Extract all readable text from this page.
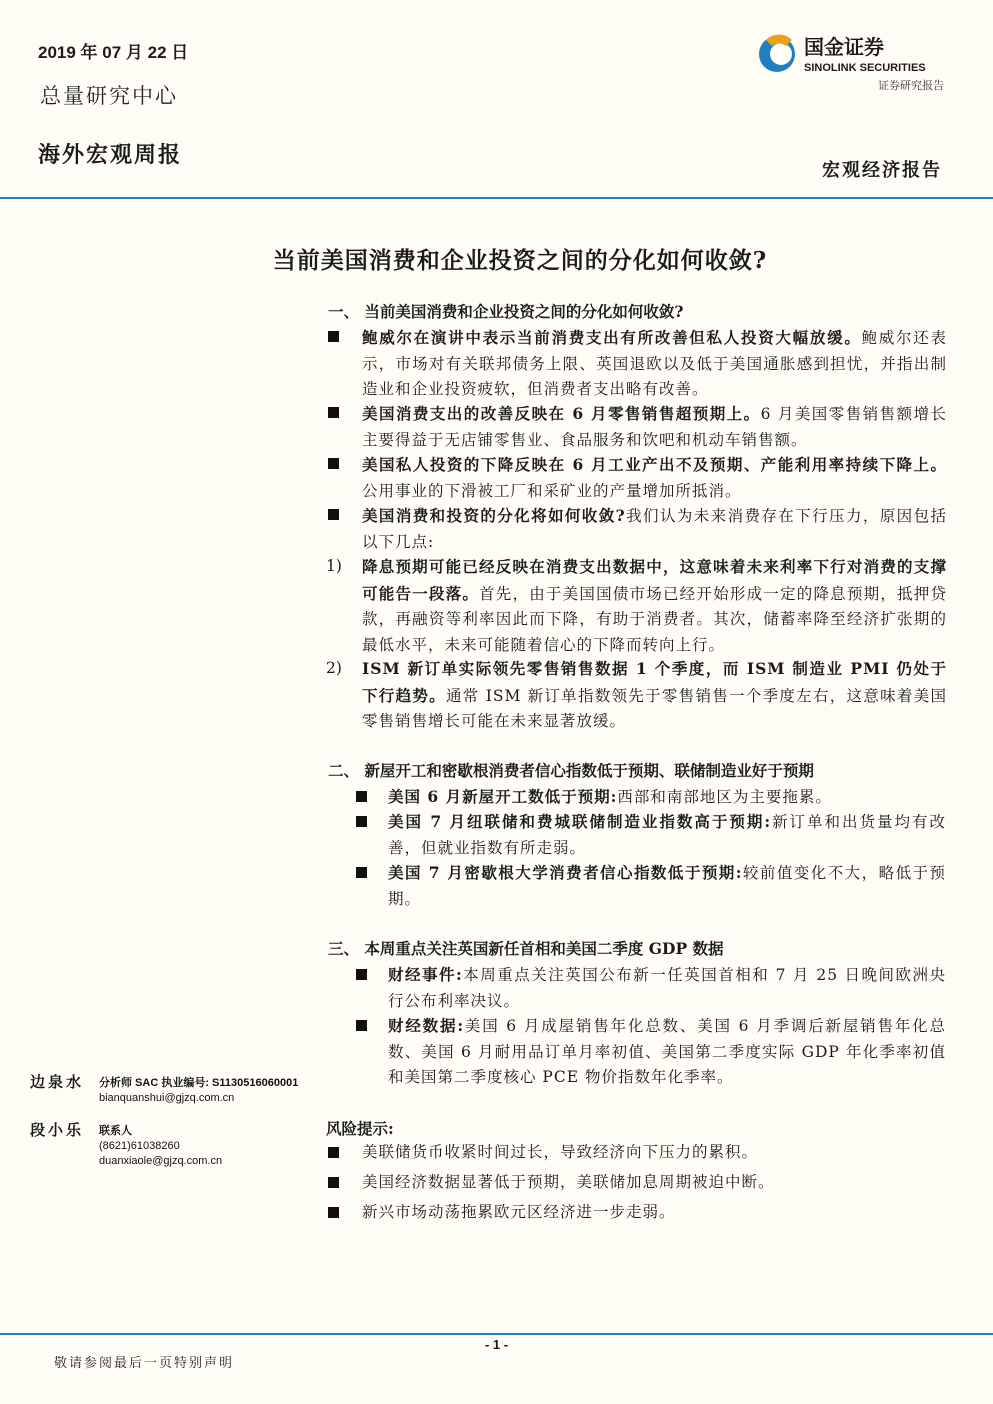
2019 年 07 月 22 日
总量研究中心
海外宏观周报
国金证券
SINOLINK SECURITIES
证券研究报告
宏观经济报告
当前美国消费和企业投资之间的分化如何收敛?
一、 当前美国消费和企业投资之间的分化如何收敛?
鲍威尔在演讲中表示当前消费支出有所改善但私人投资大幅放缓。鲍威尔还表示，市场对有关联邦债务上限、英国退欧以及低于美国通胀感到担忧，并指出制造业和企业投资疲软，但消费者支出略有改善。
美国消费支出的改善反映在 6 月零售销售超预期上。6 月美国零售销售额增长主要得益于无店铺零售业、食品服务和饮吧和机动车销售额。
美国私人投资的下降反映在 6 月工业产出不及预期、产能利用率持续下降上。公用事业的下滑被工厂和采矿业的产量增加所抵消。
美国消费和投资的分化将如何收敛?我们认为未来消费存在下行压力，原因包括以下几点:
1) 降息预期可能已经反映在消费支出数据中，这意味着未来利率下行对消费的支撑可能告一段落。首先，由于美国国债市场已经开始形成一定的降息预期，抵押贷款，再融资等利率因此而下降，有助于消费者。其次，储蓄率降至经济扩张期的最低水平，未来可能随着信心的下降而转向上行。
2) ISM 新订单实际领先零售销售数据 1 个季度，而 ISM 制造业 PMI 仍处于下行趋势。通常 ISM 新订单指数领先于零售销售一个季度左右，这意味着美国零售销售增长可能在未来显著放缓。
二、 新屋开工和密歇根消费者信心指数低于预期、联储制造业好于预期
美国 6 月新屋开工数低于预期:西部和南部地区为主要拖累。
美国 7 月纽联储和费城联储制造业指数高于预期:新订单和出货量均有改善，但就业指数有所走弱。
美国 7 月密歇根大学消费者信心指数低于预期:较前值变化不大，略低于预期。
三、 本周重点关注英国新任首相和美国二季度 GDP 数据
财经事件:本周重点关注英国公布新一任英国首相和 7 月 25 日晚间欧洲央行公布利率决议。
财经数据:美国 6 月成屋销售年化总数、美国 6 月季调后新屋销售年化总数、美国 6 月耐用品订单月率初值、美国第二季度实际 GDP 年化季率初值和美国第二季度核心 PCE 物价指数年化季率。
风险提示:
美联储货币收紧时间过长，导致经济向下压力的累积。
美国经济数据显著低于预期，美联储加息周期被迫中断。
新兴市场动荡拖累欧元区经济进一步走弱。
边泉水 分析师 SAC 执业编号: S1130516060001
bianquanshui@gjzq.com.cn
段小乐 联系人
(8621)61038260
duanxiaole@gjzq.com.cn
- 1 -
敬请参阅最后一页特别声明
